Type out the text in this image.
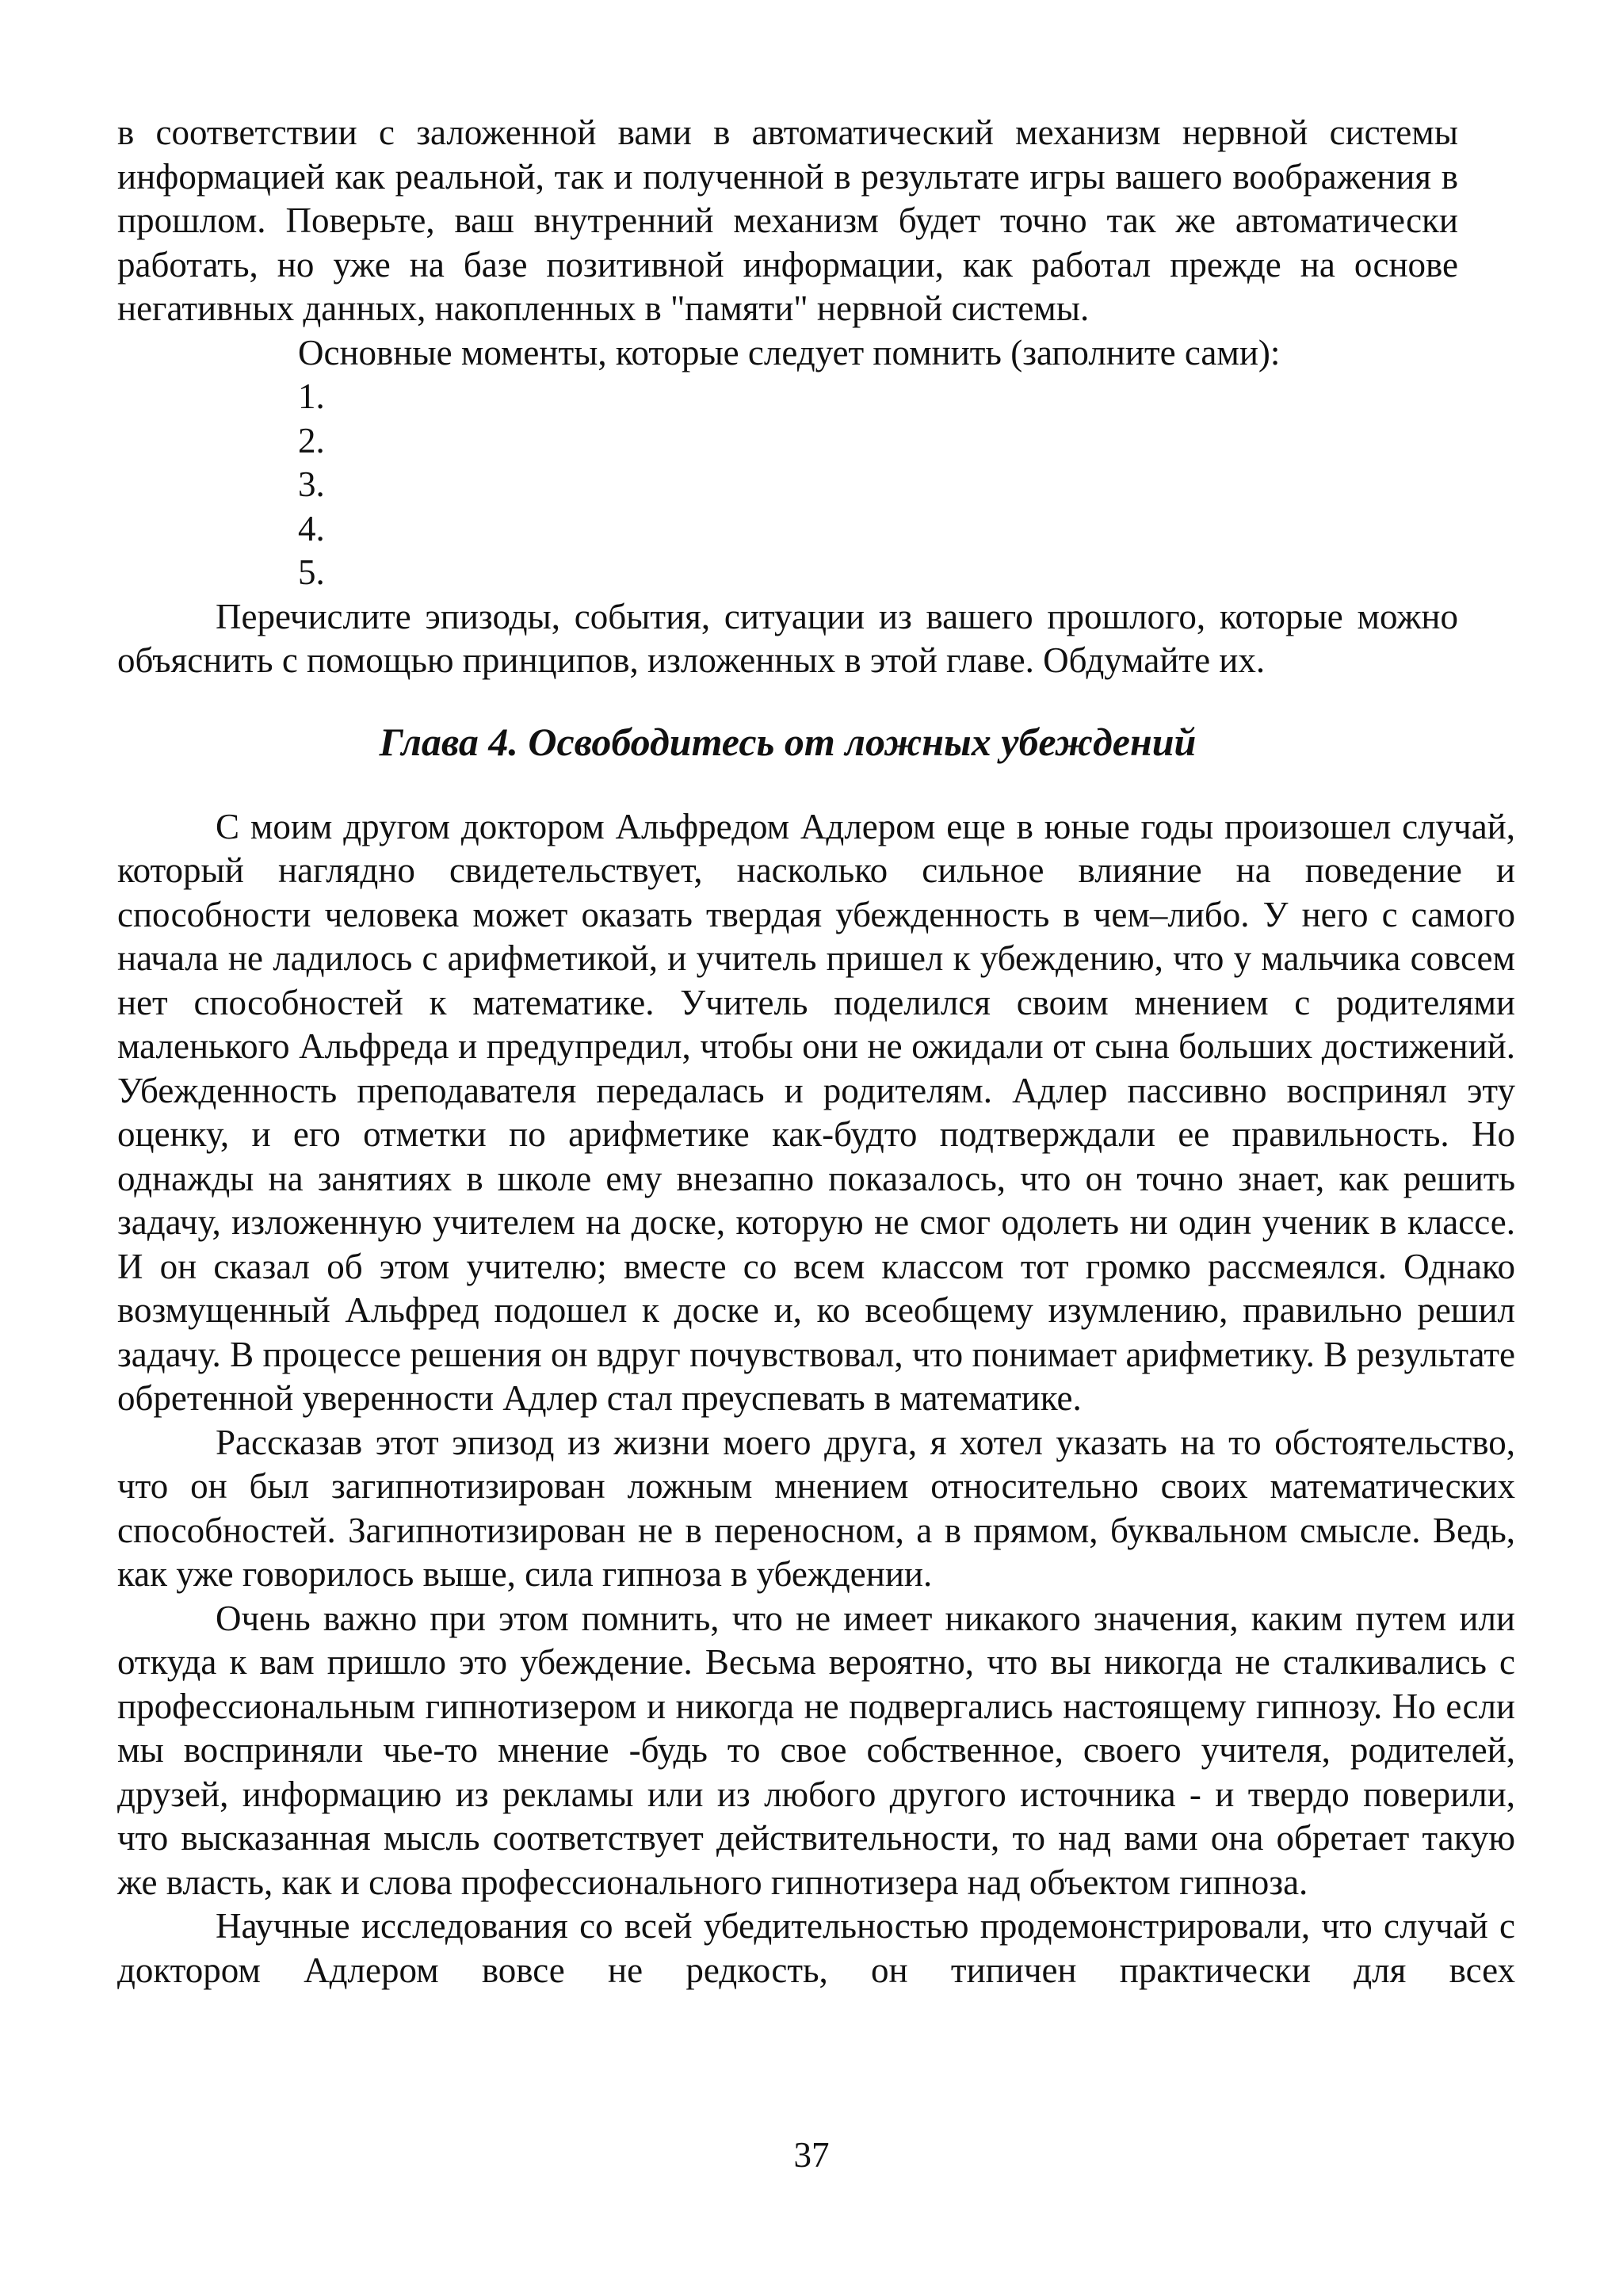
в соответствии с заложенной вами в автоматический механизм нервной системы информацией как реальной, так и полученной в результате игры вашего воображения в прошлом. Поверьте, ваш внутренний механизм будет точно так же автоматически работать, но уже на базе позитивной информации, как работал прежде на основе негативных данных, накопленных в "памяти" нервной системы.

Основные моменты, которые следует помнить (заполните сами):
1.
2.
3.
4.
5.

Перечислите эпизоды, события, ситуации из вашего прошлого, которые можно объяснить с помощью принципов, изложенных в этой главе. Обдумайте их.

Глава 4. Освободитесь от ложных убеждений

С моим другом доктором Альфредом Адлером еще в юные годы произошел случай, который наглядно свидетельствует, насколько сильное влияние на поведение и способности человека может оказать твердая убежденность в чем–либо. У него с самого начала не ладилось с арифметикой, и учитель пришел к убеждению, что у мальчика совсем нет способностей к математике. Учитель поделился своим мнением с родителями маленького Альфреда и предупредил, чтобы они не ожидали от сына больших достижений. Убежденность преподавателя передалась и родителям. Адлер пассивно воспринял эту оценку, и его отметки по арифметике как-будто подтверждали ее правильность. Но однажды на занятиях в школе ему внезапно показалось, что он точно знает, как решить задачу, изложенную учителем на доске, которую не смог одолеть ни один ученик в классе. И он сказал об этом учителю; вместе со всем классом тот громко рассмеялся. Однако возмущенный Альфред подошел к доске и, ко всеобщему изумлению, правильно решил задачу. В процессе решения он вдруг почувствовал, что понимает арифметику. В результате обретенной уверенности Адлер стал преуспевать в математике.

Рассказав этот эпизод из жизни моего друга, я хотел указать на то обстоятельство, что он был загипнотизирован ложным мнением относительно своих математических способностей. Загипнотизирован не в переносном, а в прямом, буквальном смысле. Ведь, как уже говорилось выше, сила гипноза в убеждении.

Очень важно при этом помнить, что не имеет никакого значения, каким путем или откуда к вам пришло это убеждение. Весьма вероятно, что вы никогда не сталкивались с профессиональным гипнотизером и никогда не подвергались настоящему гипнозу. Но если мы восприняли чье-то мнение -будь то свое собственное, своего учителя, родителей, друзей, информацию из рекламы или из любого другого источника - и твердо поверили, что высказанная мысль соответствует действительности, то над вами она обретает такую же власть, как и слова профессионального гипнотизера над объектом гипноза.

Научные исследования со всей убедительностью продемонстрировали, что случай с доктором Адлером вовсе не редкость, он типичен практически для всех

37
